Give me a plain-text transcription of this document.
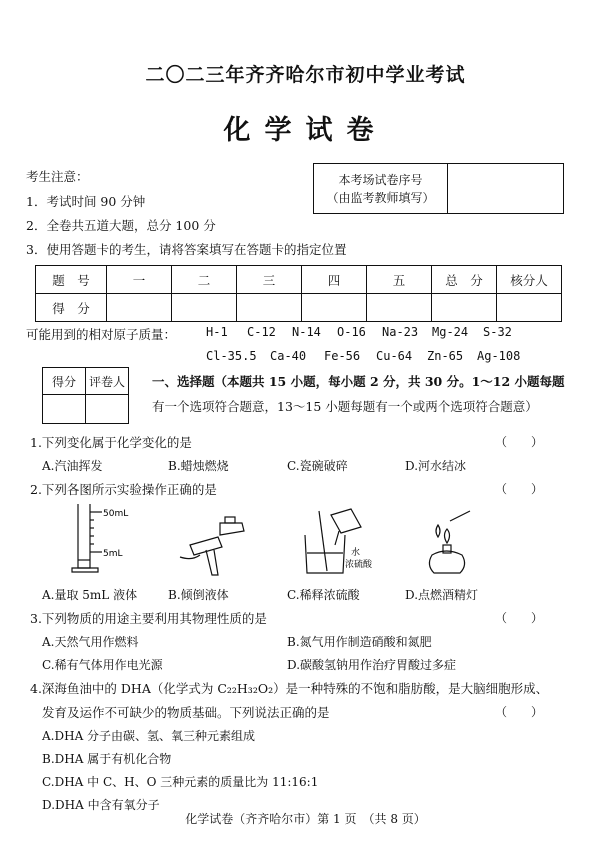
二〇二三年齐齐哈尔市初中学业考试
化学试卷
考生注意：
1．考试时间 90 分钟
2．全卷共五道大题，总分 100 分
3．使用答题卡的考生，请将答案填写在答题卡的指定位置
本考场试卷序号
（由监考教师填写）
题　号	一	二	三	四	五	总　分	核分人
得　分							
可能用到的相对原子质量： H-1 C-12 N-14 O-16 Na-23 Mg-24 S-32
Cl-35.5 Ca-40 Fe-56 Cu-64 Zn-65 Ag-108
得分	评卷人
	一、选择题（本题共 15 小题，每小题 2 分，共 30 分。1～12 小题每题
有一个选项符合题意，13～15 小题每题有一个或两个选项符合题意）
1.下列变化属于化学变化的是	（　　）
A.汽油挥发	B.蜡烛燃烧	C.瓷碗破碎	D.河水结冰
2.下列各图所示实验操作正确的是	（　　）
50mL
5mL	水
浓硫酸
A.量取 5mL 液体	B.倾倒液体	C.稀释浓硫酸	D.点燃酒精灯
3.下列物质的用途主要利用其物理性质的是	（　　）
A.天然气用作燃料	B.氮气用作制造硝酸和氮肥
C.稀有气体用作电光源	D.碳酸氢钠用作治疗胃酸过多症
4.深海鱼油中的 DHA（化学式为 C₂₂H₃₂O₂）是一种特殊的不饱和脂肪酸，是大脑细胞形成、
发育及运作不可缺少的物质基础。下列说法正确的是	（　　）
A.DHA 分子由碳、氢、氧三种元素组成
B.DHA 属于有机化合物
C.DHA 中 C、H、O 三种元素的质量比为 11:16:1
D.DHA 中含有氧分子
化学试卷（齐齐哈尔市）第 1 页　（共 8 页）
